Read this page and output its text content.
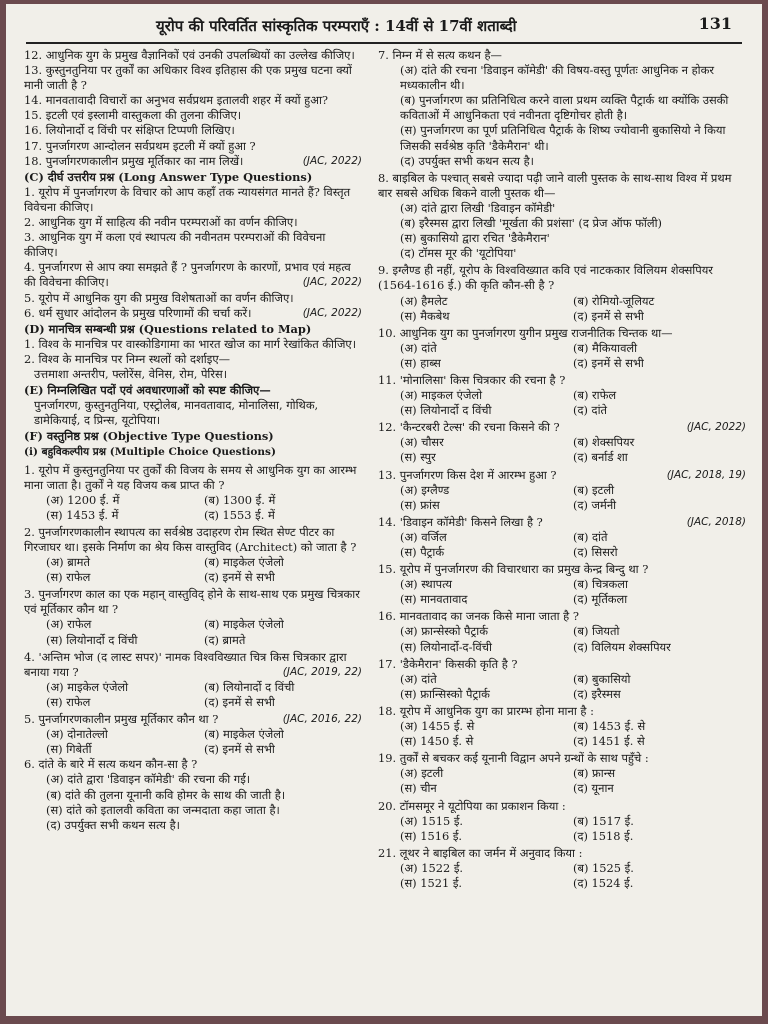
यूरोप की परिवर्तित सांस्कृतिक परम्पराएँ : 14वीं से 17वीं शताब्दी	131
12. आधुनिक युग के प्रमुख वैज्ञानिकों एवं उनकी उपलब्धियों का उल्लेख कीजिए।
13. कुस्तुनतुनिया पर तुर्कों का अधिकार विश्व इतिहास की एक प्रमुख घटना क्यों मानी जाती है ?
14. मानवतावादी विचारों का अनुभव सर्वप्रथम इतालवी शहर में क्यों हुआ?
15. इटली एवं इस्लामी वास्तुकला की तुलना कीजिए।
16. लियोनार्दो द विंची पर संक्षिप्त टिप्पणी लिखिए।
17. पुनर्जागरण आन्दोलन सर्वप्रथम इटली में क्यों हुआ ?
18. पुनर्जागरणकालीन प्रमुख मूर्तिकार का नाम लिखें।	(JAC, 2022)
(C) दीर्घ उत्तरीय प्रश्न (Long Answer Type Questions)
1. यूरोप में पुनर्जागरण के विचार को आप कहाँ तक न्यायसंगत मानते हैं? विस्तृत विवेचना कीजिए।
2. आधुनिक युग में साहित्य की नवीन परम्पराओं का वर्णन कीजिए।
3. आधुनिक युग में कला एवं स्थापत्य की नवीनतम परम्पराओं की विवेचना कीजिए।
4. पुनर्जागरण से आप क्या समझते हैं ? पुनर्जागरण के कारणों, प्रभाव एवं महत्व की विवेचना कीजिए।	(JAC, 2022)
5. यूरोप में आधुनिक युग की प्रमुख विशेषताओं का वर्णन कीजिए।
6. धर्म सुधार आंदोलन के प्रमुख परिणामों की चर्चा करें।	(JAC, 2022)
(D) मानचित्र सम्बन्धी प्रश्न (Questions related to Map)
1. विश्व के मानचित्र पर वास्कोडिगामा का भारत खोज का मार्ग रेखांकित कीजिए।
2. विश्व के मानचित्र पर निम्न स्थलों को दर्शाइए—
उत्तमाशा अन्तरीप, फ्लोरेंस, वेनिस, रोम, पेरिस।
(E) निम्नलिखित पदों एवं अवधारणाओं को स्पष्ट कीजिए—
पुनर्जागरण, कुस्तुनतुनिया, एस्ट्रोलेब, मानवतावाद, मोनालिसा, गोथिक, डामेकियाई, द प्रिन्स, यूटोपिया।
(F) वस्तुनिष्ठ प्रश्न (Objective Type Questions)
(i) बहुविकल्पीय प्रश्न (Multiple Choice Questions)
1. यूरोप में कुस्तुनतुनिया पर तुर्कों की विजय के समय से आधुनिक युग का आरम्भ माना जाता है। तुर्कों ने यह विजय कब प्राप्त की ?
(अ) 1200 ई. में	(ब) 1300 ई. में
(स) 1453 ई. में	(द) 1553 ई. में
2. पुनर्जागरणकालीन स्थापत्य का सर्वश्रेष्ठ उदाहरण रोम स्थित सेण्ट पीटर का गिरजाघर था। इसके निर्माण का श्रेय किस वास्तुविद (Architect) को जाता है ?
(अ) ब्रामते	(ब) माइकेल एंजेलो
(स) राफेल	(द) इनमें से सभी
3. पुनर्जागरण काल का एक महान् वास्तुविद् होने के साथ-साथ एक प्रमुख चित्रकार एवं मूर्तिकार कौन था ?
(अ) राफेल	(ब) माइकेल एंजेलो
(स) लियोनार्दो द विंची	(द) ब्रामते
4. 'अन्तिम भोज (द लास्ट सपर)' नामक विश्वविख्यात चित्र किस चित्रकार द्वारा बनाया गया ?	(JAC, 2019, 22)
(अ) माइकेल एंजेलो	(ब) लियोनार्दो द विंची
(स) राफेल	(द) इनमें से सभी
5. पुनर्जागरणकालीन प्रमुख मूर्तिकार कौन था ?	(JAC, 2016, 22)
(अ) दोनातेल्लो	(ब) माइकेल एंजेलो
(स) गिबेर्ती	(द) इनमें से सभी
6. दांते के बारे में सत्य कथन कौन-सा है ?
(अ) दांते द्वारा 'डिवाइन कॉमेडी' की रचना की गई।
(ब) दांते की तुलना यूनानी कवि होमर के साथ की जाती है।
(स) दांते को इतालवी कविता का जन्मदाता कहा जाता है।
(द) उपर्युक्त सभी कथन सत्य है।
7. निम्न में से सत्य कथन है—
(अ) दांते की रचना 'डिवाइन कॉमेडी' की विषय-वस्तु पूर्णतः आधुनिक न होकर मध्यकालीन थी।
(ब) पुनर्जागरण का प्रतिनिधित्व करने वाला प्रथम व्यक्ति पैट्रार्क था क्योंकि उसकी कविताओं में आधुनिकता एवं नवीनता दृष्टिगोचर होती है।
(स) पुनर्जागरण का पूर्ण प्रतिनिधित्व पैट्रार्क के शिष्य ज्योवानी बुकासियो ने किया जिसकी सर्वश्रेष्ठ कृति 'डैकेमैरान' थी।
(द) उपर्युक्त सभी कथन सत्य है।
8. बाइबिल के पश्चात् सबसे ज्यादा पढ़ी जाने वाली पुस्तक के साथ-साथ विश्व में प्रथम बार सबसे अधिक बिकने वाली पुस्तक थी—
(अ) दांते द्वारा लिखी 'डिवाइन कॉमेडी'
(ब) इरैस्मस द्वारा लिखी 'मूर्खता की प्रशंसा' (द प्रेज ऑफ फॉली)
(स) बुकासियो द्वारा रचित 'डैकेमैरान'
(द) टॉमस मूर की 'यूटोपिया'
9. इग्लैण्ड ही नहीं, यूरोप के विश्वविख्यात कवि एवं नाटककार विलियम शेक्सपियर (1564-1616 ई.) की कृति कौन-सी है ?
(अ) हैमलेट	(ब) रोमियो-जूलियट
(स) मैकबेथ	(द) इनमें से सभी
10. आधुनिक युग का पुनर्जागरण युगीन प्रमुख राजनीतिक चिन्तक था—
(अ) दांते	(ब) मैकियावली
(स) हाब्स	(द) इनमें से सभी
11. 'मोनालिसा' किस चित्रकार की रचना है ?
(अ) माइकल एंजेलो	(ब) राफेल
(स) लियोनार्दो द विंची	(द) दांते
12. 'कैन्टरबरी टेल्स' की रचना किसने की ?	(JAC, 2022)
(अ) चौसर	(ब) शेक्सपियर
(स) स्पुर	(द) बर्नार्ड शा
13. पुनर्जागरण किस देश में आरम्भ हुआ ?	(JAC, 2018, 19)
(अ) इग्लैण्ड	(ब) इटली
(स) फ्रांस	(द) जर्मनी
14. 'डिवाइन कॉमेडी' किसने लिखा है ?	(JAC, 2018)
(अ) वर्जिल	(ब) दांते
(स) पैट्रार्क	(द) सिसरो
15. यूरोप में पुनर्जागरण की विचारधारा का प्रमुख केन्द्र बिन्दु था ?
(अ) स्थापत्य	(ब) चित्रकला
(स) मानवतावाद	(द) मूर्तिकला
16. मानवतावाद का जनक किसे माना जाता है ?
(अ) फ्रान्सेस्को पैट्रार्क	(ब) जियतो
(स) लियोनार्दो-द-विंची	(द) विलियम शेक्सपियर
17. 'डैकेमैरान' किसकी कृति है ?
(अ) दांते	(ब) बुकासियो
(स) फ्रान्सिस्को पैट्रार्क	(द) इरैस्मस
18. यूरोप में आधुनिक युग का प्रारम्भ होना माना है :
(अ) 1455 ई. से	(ब) 1453 ई. से
(स) 1450 ई. से	(द) 1451 ई. से
19. तुर्कों से बचकर कई यूनानी विद्वान अपने ग्रन्थों के साथ पहुँचे :
(अ) इटली	(ब) फ्रान्स
(स) चीन	(द) यूनान
20. टॉमसमूर ने यूटोपिया का प्रकाशन किया :
(अ) 1515 ई.	(ब) 1517 ई.
(स) 1516 ई.	(द) 1518 ई.
21. लूथर ने बाइबिल का जर्मन में अनुवाद किया :
(अ) 1522 ई.	(ब) 1525 ई.
(स) 1521 ई.	(द) 1524 ई.
